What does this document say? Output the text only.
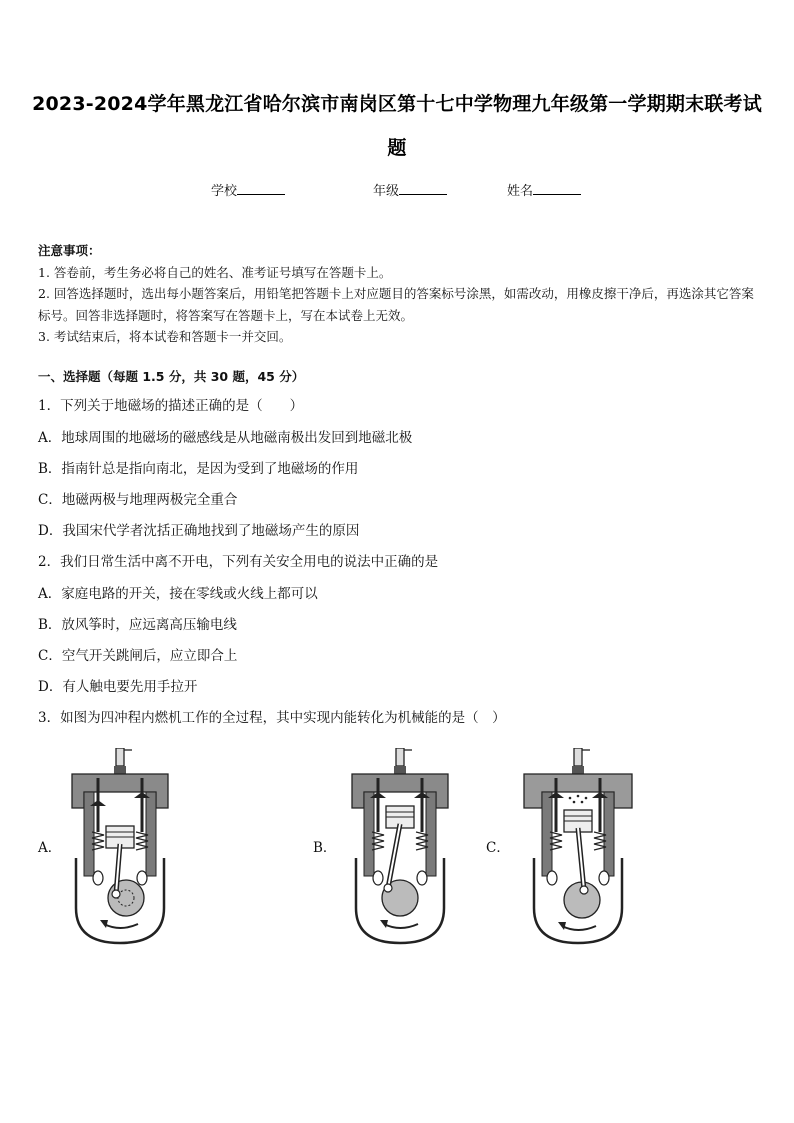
2023-2024学年黑龙江省哈尔滨市南岗区第十七中学物理九年级第一学期期末联考试
题
学校	年级	姓名

注意事项：

1. 答卷前，考生务必将自己的姓名、准考证号填写在答题卡上。

2. 回答选择题时，选出每小题答案后，用铅笔把答题卡上对应题目的答案标号涂黑，如需改动，用橡皮擦干净后，再选涂其它答案标号。回答非选择题时，将答案写在答题卡上，写在本试卷上无效。

3. 考试结束后，将本试卷和答题卡一并交回。

一、选择题（每题 1.5 分，共 30 题，45 分）
1．下列关于地磁场的描述正确的是（　　）
A．地球周围的地磁场的磁感线是从地磁南极出发回到地磁北极
B．指南针总是指向南北，是因为受到了地磁场的作用
C．地磁两极与地理两极完全重合
D．我国宋代学者沈括正确地找到了地磁场产生的原因
2．我们日常生活中离不开电，下列有关安全用电的说法中正确的是
A．家庭电路的开关，接在零线或火线上都可以
B．放风筝时，应远离高压输电线
C．空气开关跳闸后，应立即合上
D．有人触电要先用手拉开
3．如图为四冲程内燃机工作的全过程，其中实现内能转化为机械能的是（　）
A．	B．	C．
